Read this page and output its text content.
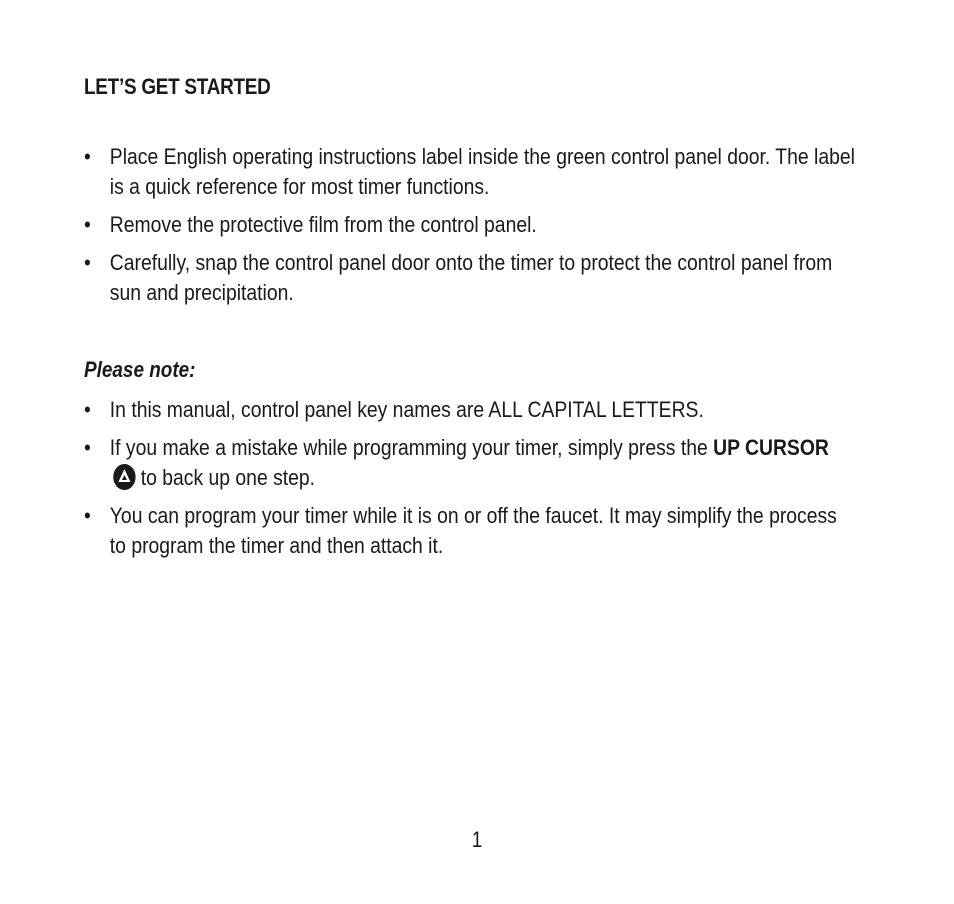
LET’S GET STARTED
• Place English operating instructions label inside the green control panel door. The label is a quick reference for most timer functions.
• Remove the protective film from the control panel.
• Carefully, snap the control panel door onto the timer to protect the control panel from sun and precipitation.
Please note:
• In this manual, control panel key names are ALL CAPITAL LETTERS.
• If you make a mistake while programming your timer, simply press the UP CURSORto back up one step.
• You can program your timer while it is on or off the faucet. It may simplify the process to program the timer and then attach it.
1
